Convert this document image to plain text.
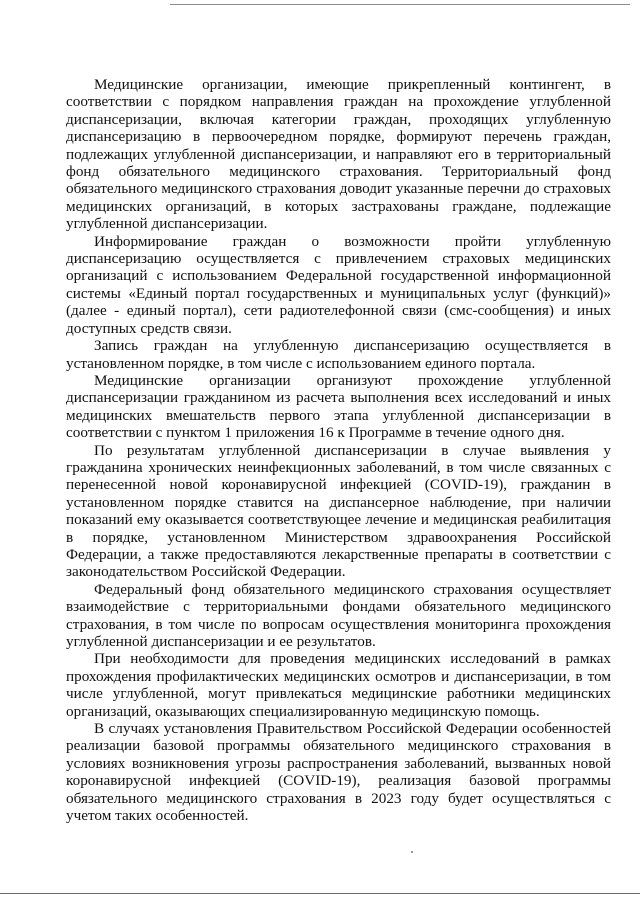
Медицинские организации, имеющие прикрепленный контингент, в соответствии с порядком направления граждан на прохождение углубленной диспансеризации, включая категории граждан, проходящих углубленную диспансеризацию в первоочередном порядке, формируют перечень граждан, подлежащих углубленной диспансеризации, и направляют его в территориальный фонд обязательного медицинского страхования. Территориальный фонд обязательного медицинского страхования доводит указанные перечни до страховых медицинских организаций, в которых застрахованы граждане, подлежащие углубленной диспансеризации.

Информирование граждан о возможности пройти углубленную диспансеризацию осуществляется с привлечением страховых медицинских организаций с использованием Федеральной государственной информационной системы «Единый портал государственных и муниципальных услуг (функций)» (далее - единый портал), сети радиотелефонной связи (смс-сообщения) и иных доступных средств связи.

Запись граждан на углубленную диспансеризацию осуществляется в установленном порядке, в том числе с использованием единого портала.

Медицинские организации организуют прохождение углубленной диспансеризации гражданином из расчета выполнения всех исследований и иных медицинских вмешательств первого этапа углубленной диспансеризации в соответствии с пунктом 1 приложения 16 к Программе в течение одного дня.

По результатам углубленной диспансеризации в случае выявления у гражданина хронических неинфекционных заболеваний, в том числе связанных с перенесенной новой коронавирусной инфекцией (COVID-19), гражданин в установленном порядке ставится на диспансерное наблюдение, при наличии показаний ему оказывается соответствующее лечение и медицинская реабилитация в порядке, установленном Министерством здравоохранения Российской Федерации, а также предоставляются лекарственные препараты в соответствии с законодательством Российской Федерации.

Федеральный фонд обязательного медицинского страхования осуществляет взаимодействие с территориальными фондами обязательного медицинского страхования, в том числе по вопросам осуществления мониторинга прохождения углубленной диспансеризации и ее результатов.

При необходимости для проведения медицинских исследований в рамках прохождения профилактических медицинских осмотров и диспансеризации, в том числе углубленной, могут привлекаться медицинские работники медицинских организаций, оказывающих специализированную медицинскую помощь.

В случаях установления Правительством Российской Федерации особенностей реализации базовой программы обязательного медицинского страхования в условиях возникновения угрозы распространения заболеваний, вызванных новой коронавирусной инфекцией (COVID-19), реализация базовой программы обязательного медицинского страхования в 2023 году будет осуществляться с учетом таких особенностей.
